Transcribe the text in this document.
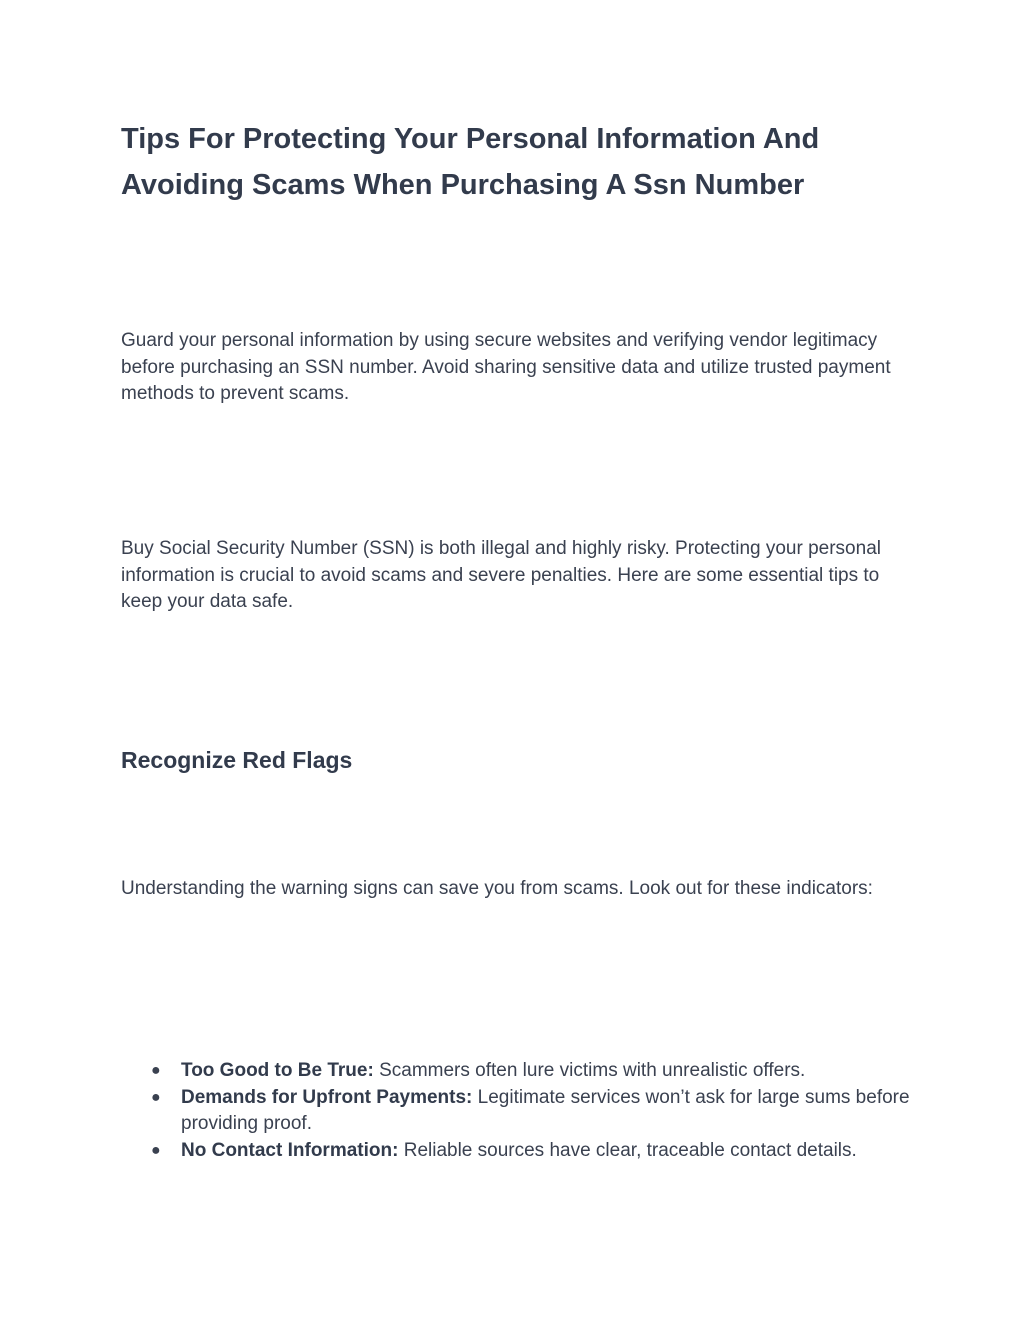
Tips For Protecting Your Personal Information And Avoiding Scams When Purchasing A Ssn Number

Guard your personal information by using secure websites and verifying vendor legitimacy before purchasing an SSN number. Avoid sharing sensitive data and utilize trusted payment methods to prevent scams.

Buy Social Security Number (SSN) is both illegal and highly risky. Protecting your personal information is crucial to avoid scams and severe penalties. Here are some essential tips to keep your data safe.

Recognize Red Flags

Understanding the warning signs can save you from scams. Look out for these indicators:

● Too Good to Be True: Scammers often lure victims with unrealistic offers.
● Demands for Upfront Payments: Legitimate services won’t ask for large sums before providing proof.
● No Contact Information: Reliable sources have clear, traceable contact details.
